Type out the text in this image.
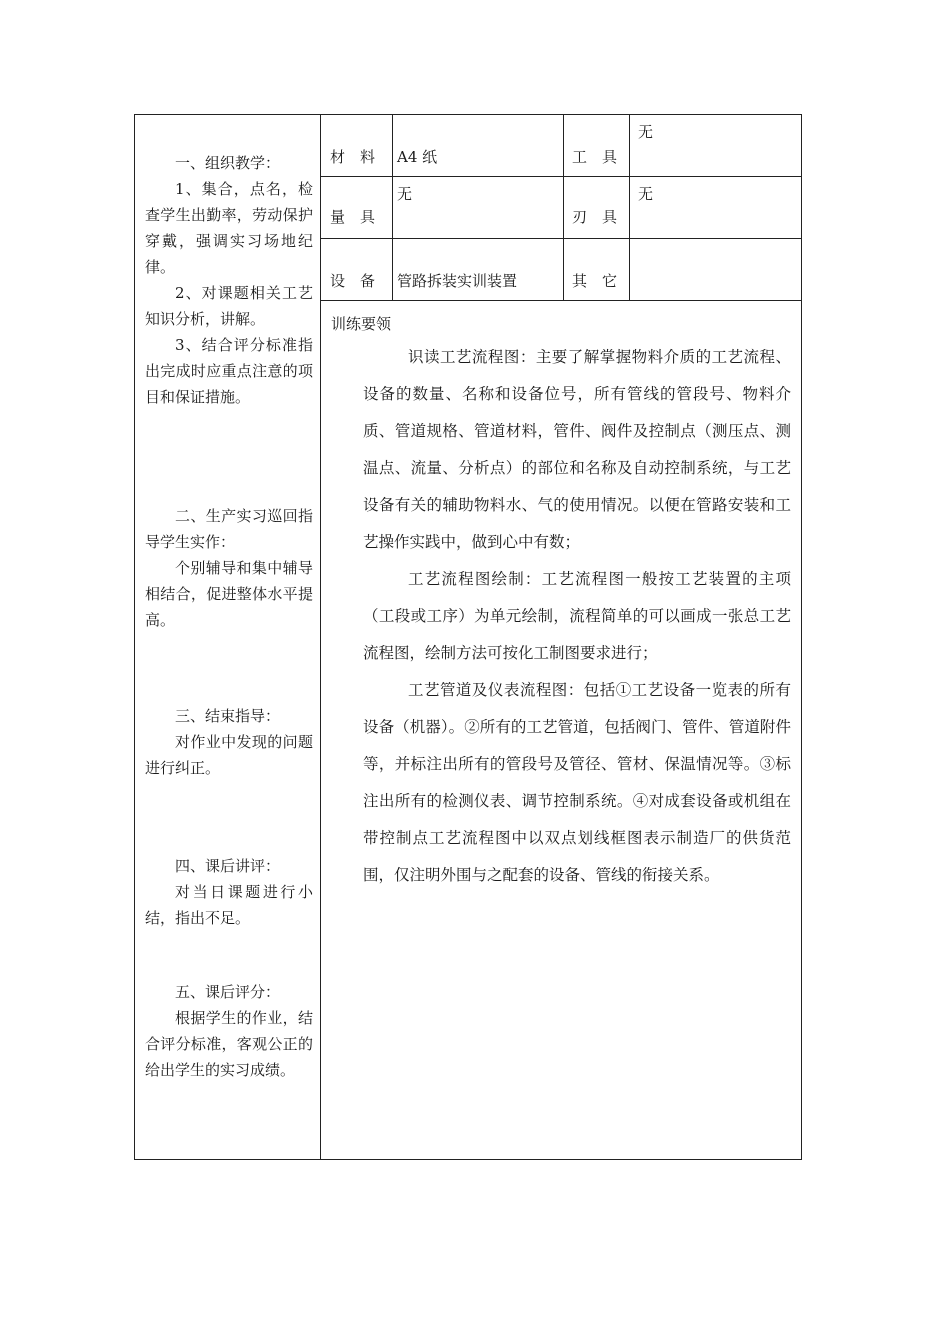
一、组织教学：

1、集合，点名，检查学生出勤率，劳动保护穿戴，强调实习场地纪律。

2、对课题相关工艺知识分析，讲解。

3、结合评分标准指出完成时应重点注意的项目和保证措施。

二、生产实习巡回指导学生实作：

个别辅导和集中辅导相结合，促进整体水平提高。

三、结束指导：

对作业中发现的问题进行纠正。

四、课后讲评：

对当日课题进行小结，指出不足。

五、课后评分：

根据学生的作业，结合评分标准，客观公正的给出学生的实习成绩。

材　料 A4 纸	工　具
无
量　具
无
刃　具
无
设　备 管路拆装实训装置	其　它
训练要领

识读工艺流程图：主要了解掌握物料介质的工艺流程、设备的数量、名称和设备位号，所有管线的管段号、物料介质、管道规格、管道材料，管件、阀件及控制点（测压点、测温点、流量、分析点）的部位和名称及自动控制系统，与工艺设备有关的辅助物料水、气的使用情况。以便在管路安装和工艺操作实践中，做到心中有数；

工艺流程图绘制：工艺流程图一般按工艺装置的主项（工段或工序）为单元绘制，流程简单的可以画成一张总工艺流程图，绘制方法可按化工制图要求进行；

工艺管道及仪表流程图：包括①工艺设备一览表的所有设备（机器）。②所有的工艺管道，包括阀门、管件、管道附件等，并标注出所有的管段号及管径、管材、保温情况等。③标注出所有的检测仪表、调节控制系统。④对成套设备或机组在带控制点工艺流程图中以双点划线框图表示制造厂的供货范围，仅注明外围与之配套的设备、管线的衔接关系。
